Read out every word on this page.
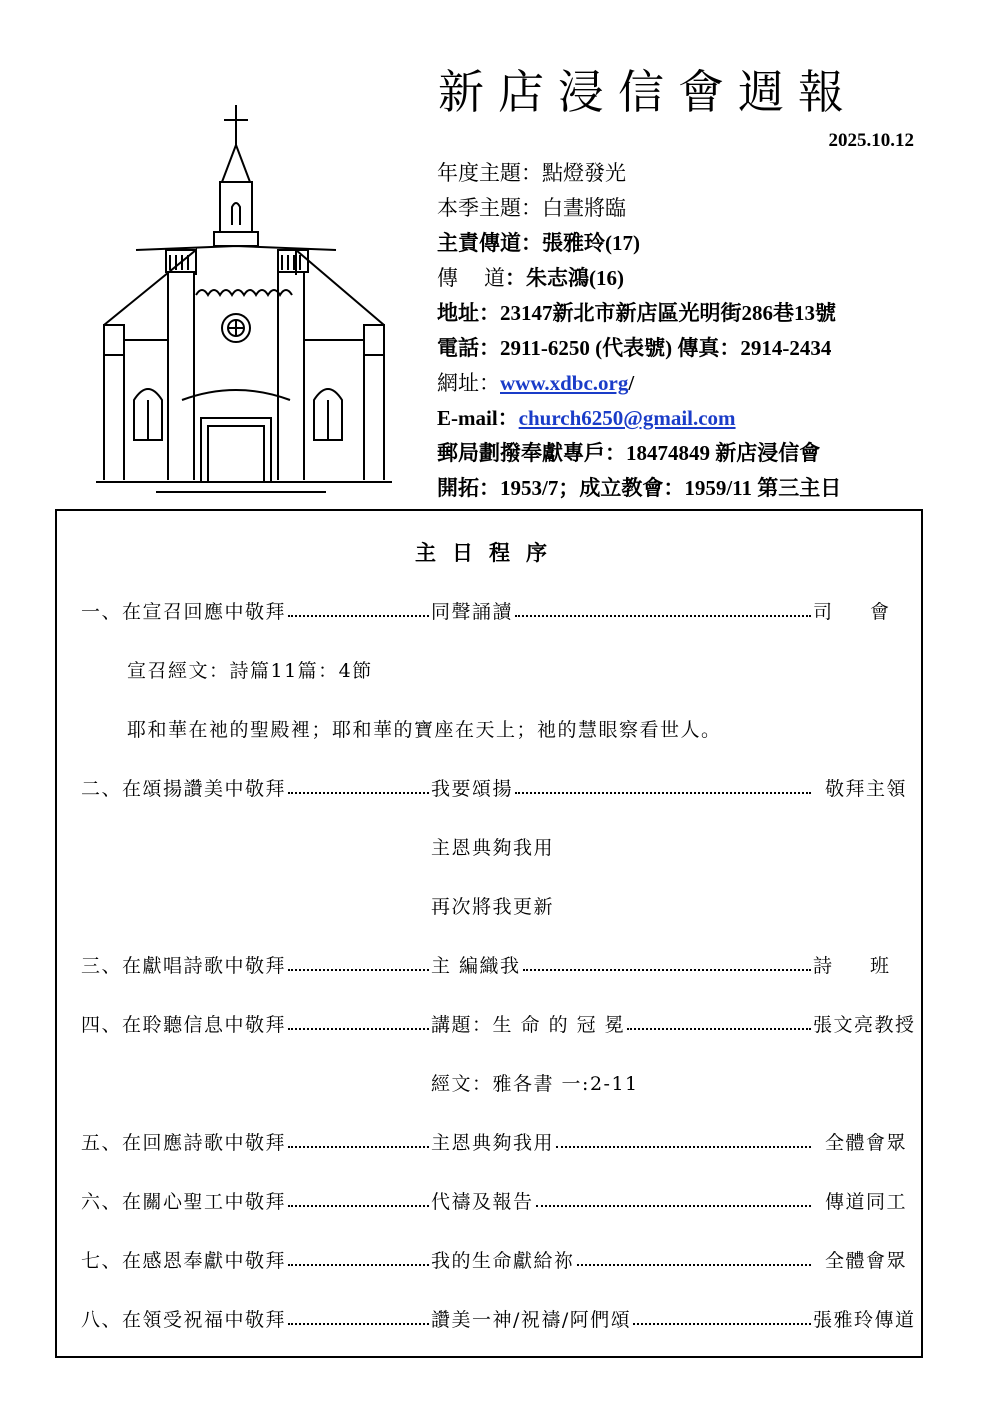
新店浸信會週報
2025.10.12
年度主題：點燈發光
本季主題：白晝將臨
主責傳道：張雅玲(17)
傳道：朱志鴻(16)
地址：23147新北市新店區光明街286巷13號
電話：2911-6250 (代表號) 傳真：2914-2434
網址：www.xdbc.org/
E-mail：church6250@gmail.com
郵局劃撥奉獻專戶：18474849 新店浸信會
開拓：1953/7；成立教會：1959/11 第三主日
主日程序
一、在宣召回應中敬拜	同聲誦讀	司會
宣召經文：詩篇11篇：4節
耶和華在祂的聖殿裡；耶和華的寶座在天上；祂的慧眼察看世人。
二、在頌揚讚美中敬拜	我要頌揚	敬拜主領
主恩典夠我用
再次將我更新
三、在獻唱詩歌中敬拜	主 編織我	詩班
四、在聆聽信息中敬拜	講題：生 命 的 冠 冕	張文亮教授
經文：雅各書 一:2-11
五、在回應詩歌中敬拜	主恩典夠我用	全體會眾
六、在關心聖工中敬拜	代禱及報告	傳道同工
七、在感恩奉獻中敬拜	我的生命獻給祢	全體會眾
八、在領受祝福中敬拜	讚美一神/祝禱/阿們頌	張雅玲傳道
